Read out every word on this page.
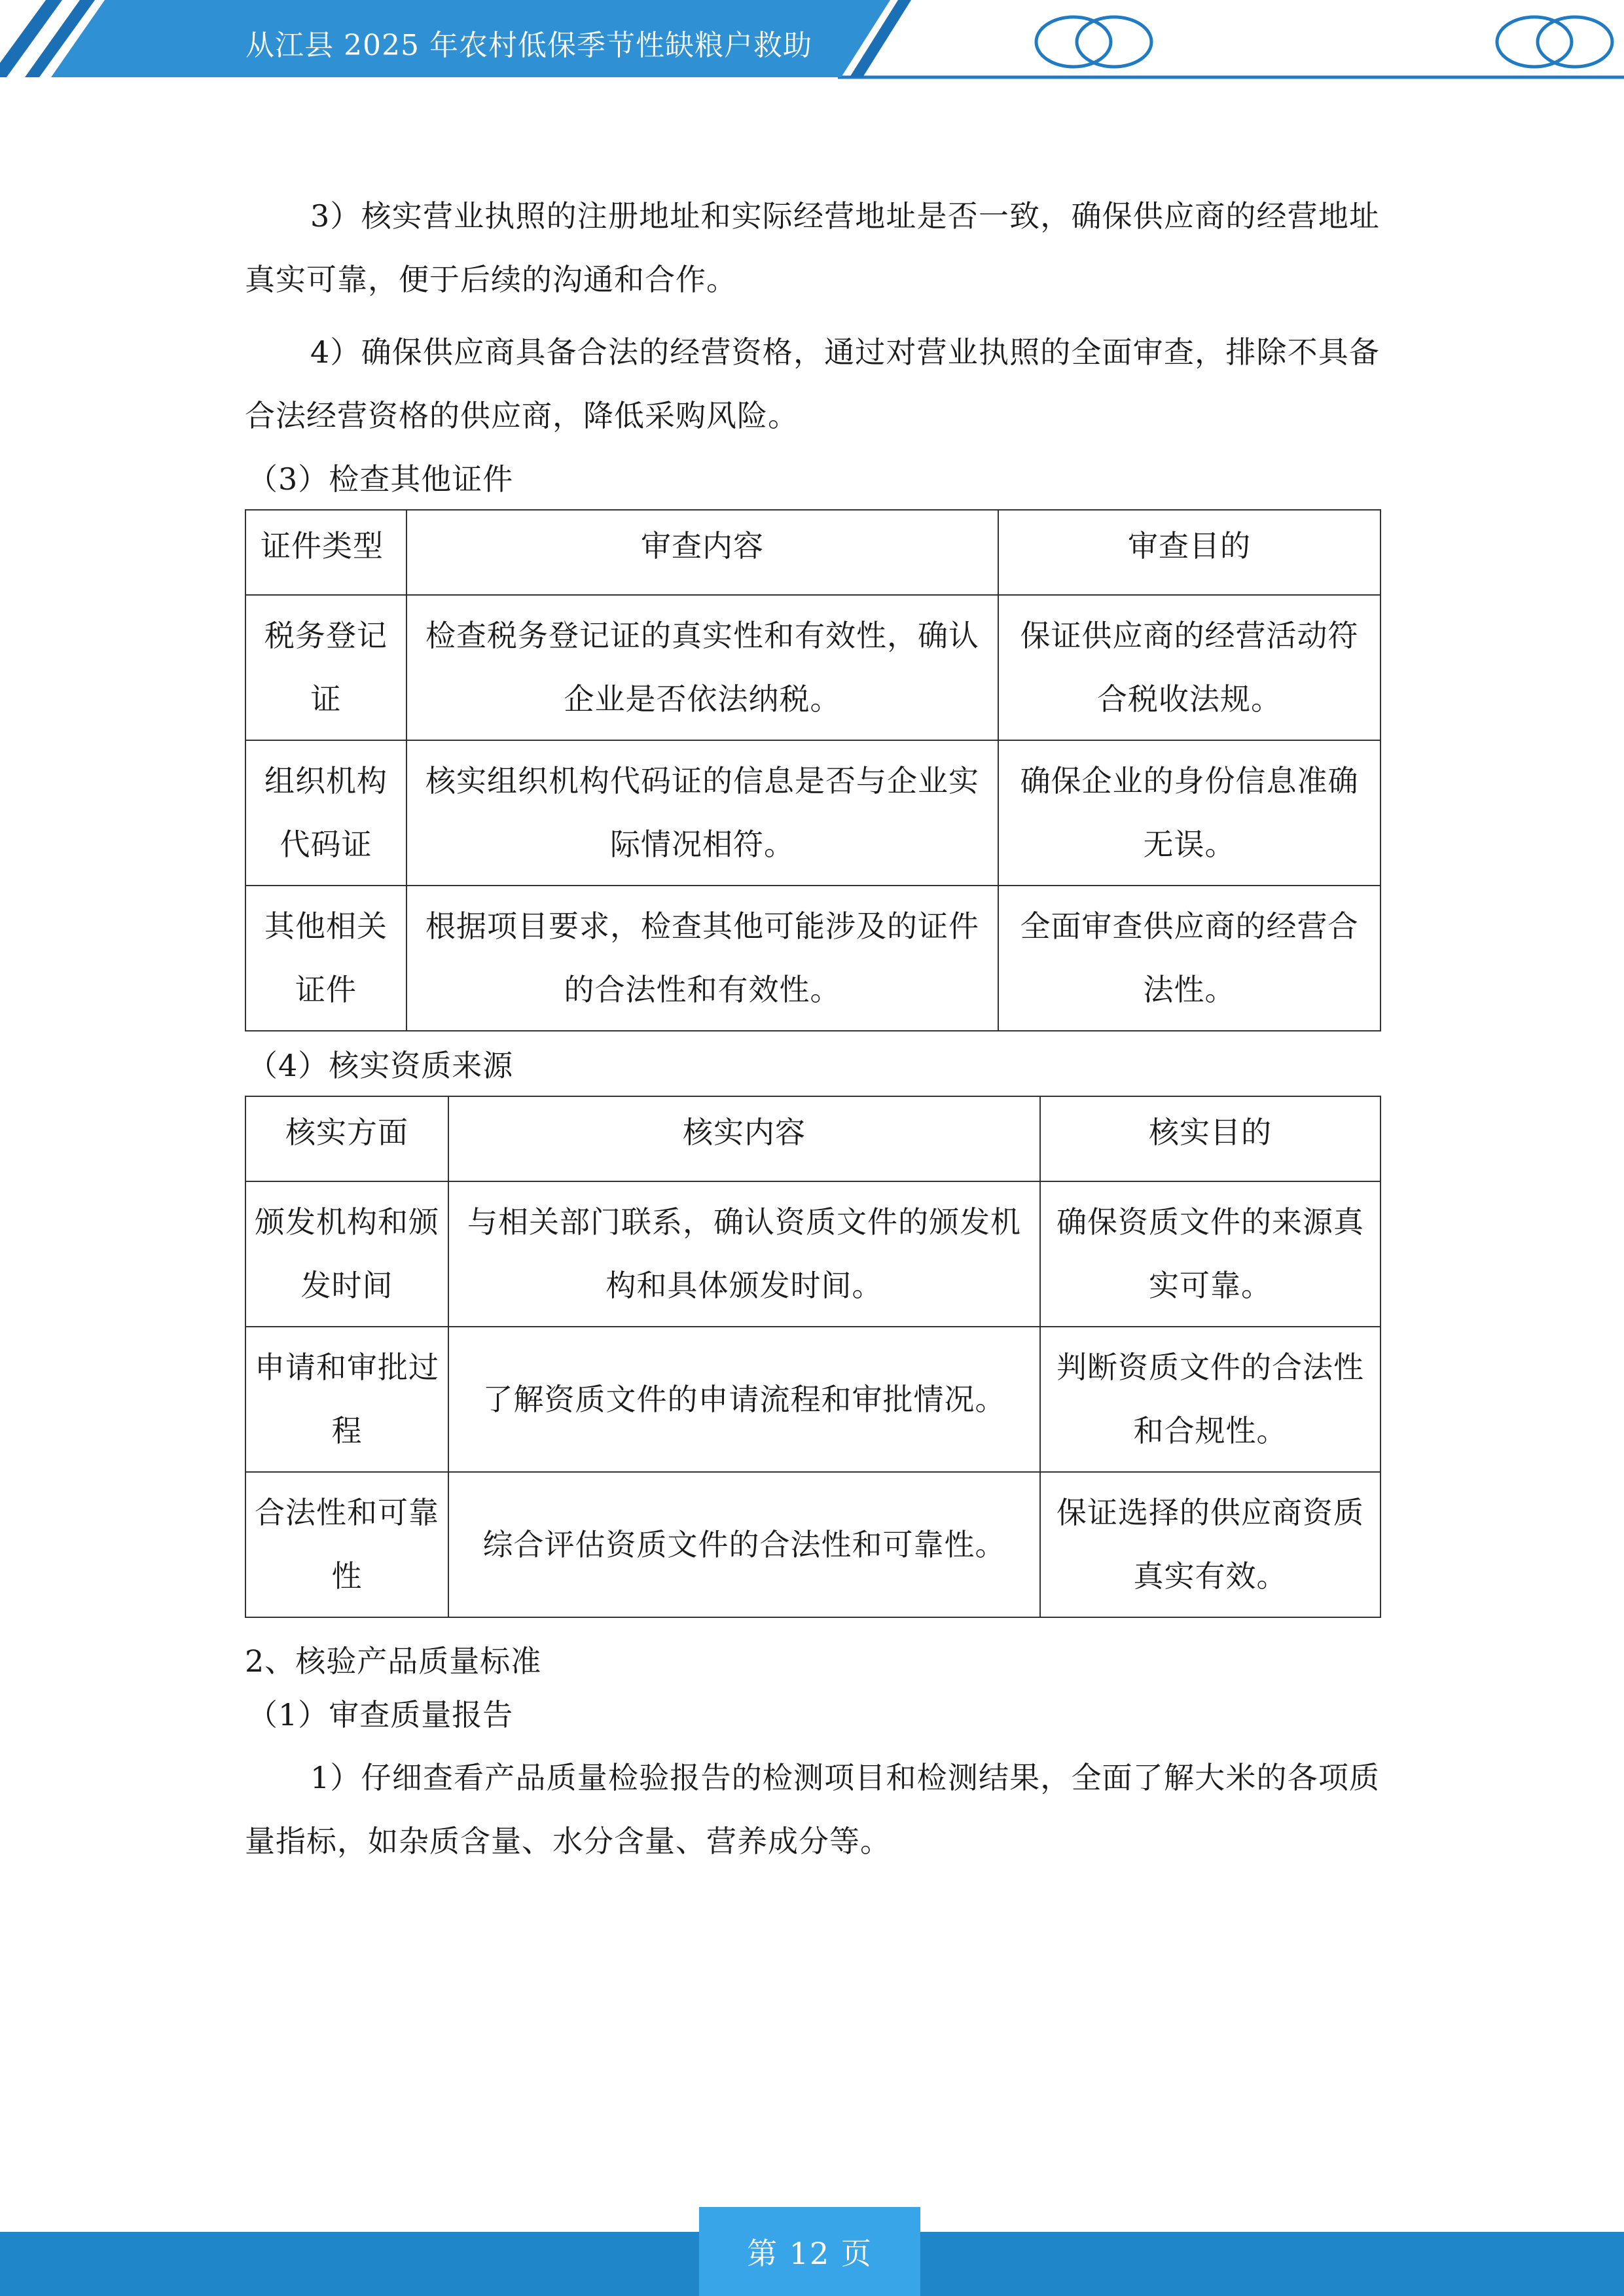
从江县 2025 年农村低保季节性缺粮户救助

3）核实营业执照的注册地址和实际经营地址是否一致，确保供应商的经营地址真实可靠，便于后续的沟通和合作。

4）确保供应商具备合法的经营资格，通过对营业执照的全面审查，排除不具备合法经营资格的供应商，降低采购风险。

（3）检查其他证件

证件类型	审查内容	审查目的
税务登记证	检查税务登记证的真实性和有效性，确认企业是否依法纳税。	保证供应商的经营活动符合税收法规。
组织机构代码证	核实组织机构代码证的信息是否与企业实际情况相符。	确保企业的身份信息准确无误。
其他相关证件	根据项目要求，检查其他可能涉及的证件的合法性和有效性。	全面审查供应商的经营合法性。

（4）核实资质来源

核实方面	核实内容	核实目的
颁发机构和颁发时间	与相关部门联系，确认资质文件的颁发机构和具体颁发时间。	确保资质文件的来源真实可靠。
申请和审批过程	了解资质文件的申请流程和审批情况。	判断资质文件的合法性和合规性。
合法性和可靠性	综合评估资质文件的合法性和可靠性。	保证选择的供应商资质真实有效。

2、核验产品质量标准

（1）审查质量报告

1）仔细查看产品质量检验报告的检测项目和检测结果，全面了解大米的各项质量指标，如杂质含量、水分含量、营养成分等。

第 12 页
